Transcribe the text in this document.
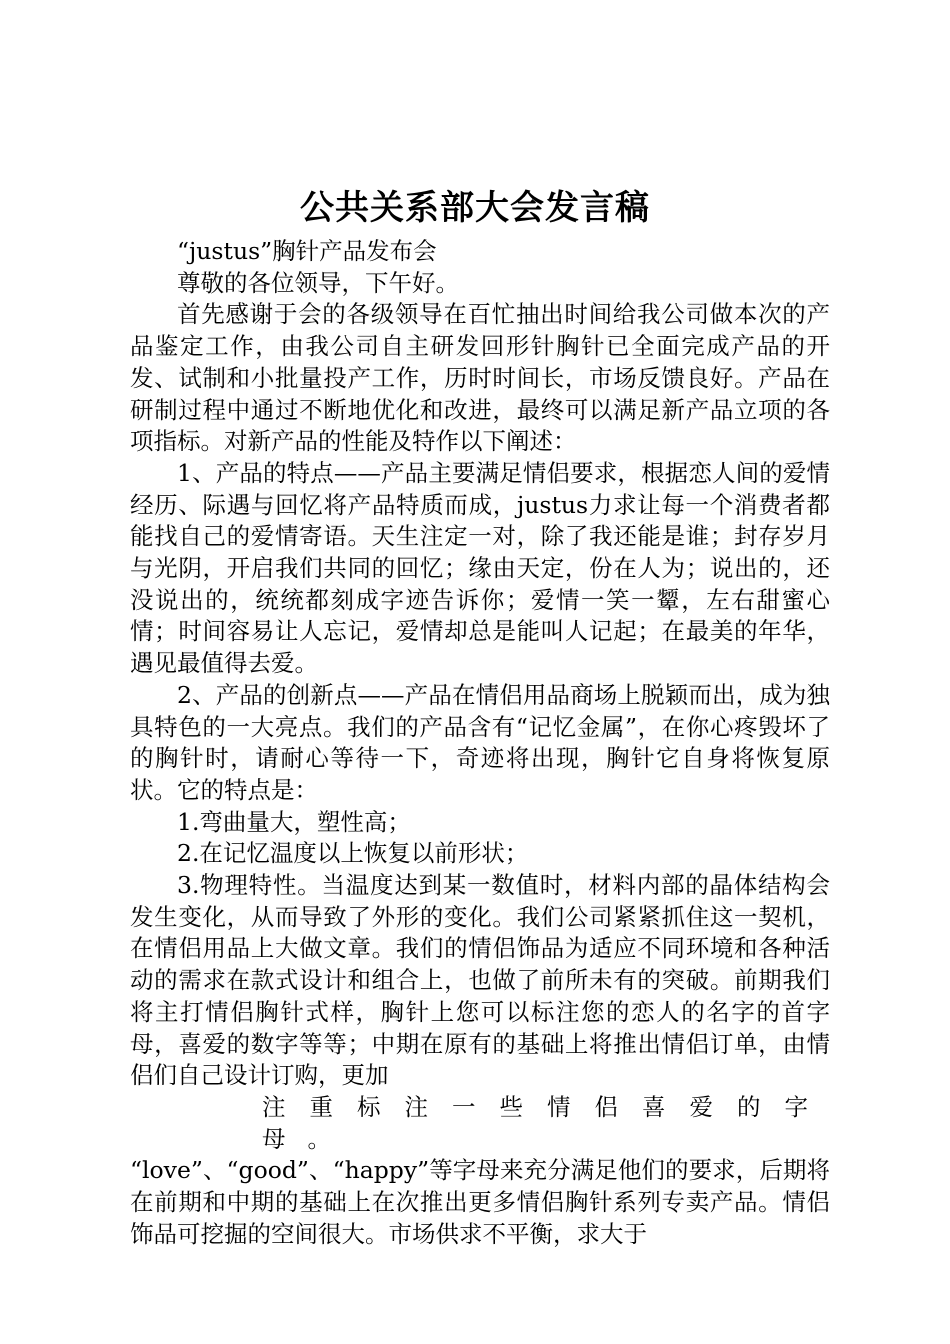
公共关系部大会发言稿

“justus”胸针产品发布会

尊敬的各位领导，下午好。

首先感谢于会的各级领导在百忙抽出时间给我公司做本次的产品鉴定工作，由我公司自主研发回形针胸针已全面完成产品的开发、试制和小批量投产工作，历时时间长，市场反馈良好。产品在研制过程中通过不断地优化和改进，最终可以满足新产品立项的各项指标。对新产品的性能及特作以下阐述：

1、产品的特点——产品主要满足情侣要求，根据恋人间的爱情经历、际遇与回忆将产品特质而成，justus力求让每一个消费者都能找自己的爱情寄语。天生注定一对，除了我还能是谁；封存岁月与光阴，开启我们共同的回忆；缘由天定，份在人为；说出的，还没说出的，统统都刻成字迹告诉你；爱情一笑一颦，左右甜蜜心情；时间容易让人忘记，爱情却总是能叫人记起；在最美的年华，遇见最值得去爱。

2、产品的创新点——产品在情侣用品商场上脱颖而出，成为独具特色的一大亮点。我们的产品含有“记忆金属”，在你心疼毁坏了的胸针时，请耐心等待一下，奇迹将出现，胸针它自身将恢复原状。它的特点是：

1.弯曲量大，塑性高；

2.在记忆温度以上恢复以前形状；

3.物理特性。当温度达到某一数值时，材料内部的晶体结构会发生变化，从而导致了外形的变化。我们公司紧紧抓住这一契机，在情侣用品上大做文章。我们的情侣饰品为适应不同环境和各种活动的需求在款式设计和组合上，也做了前所未有的突破。前期我们将主打情侣胸针式样，胸针上您可以标注您的恋人的名字的首字母，喜爱的数字等等；中期在原有的基础上将推出情侣订单，由情侣们自己设计订购，更加

注重标注一些情侣喜爱的字母。

“love”、“good”、“happy”等字母来充分满足他们的要求，后期将在前期和中期的基础上在次推出更多情侣胸针系列专卖产品。情侣饰品可挖掘的空间很大。市场供求不平衡，求大于
